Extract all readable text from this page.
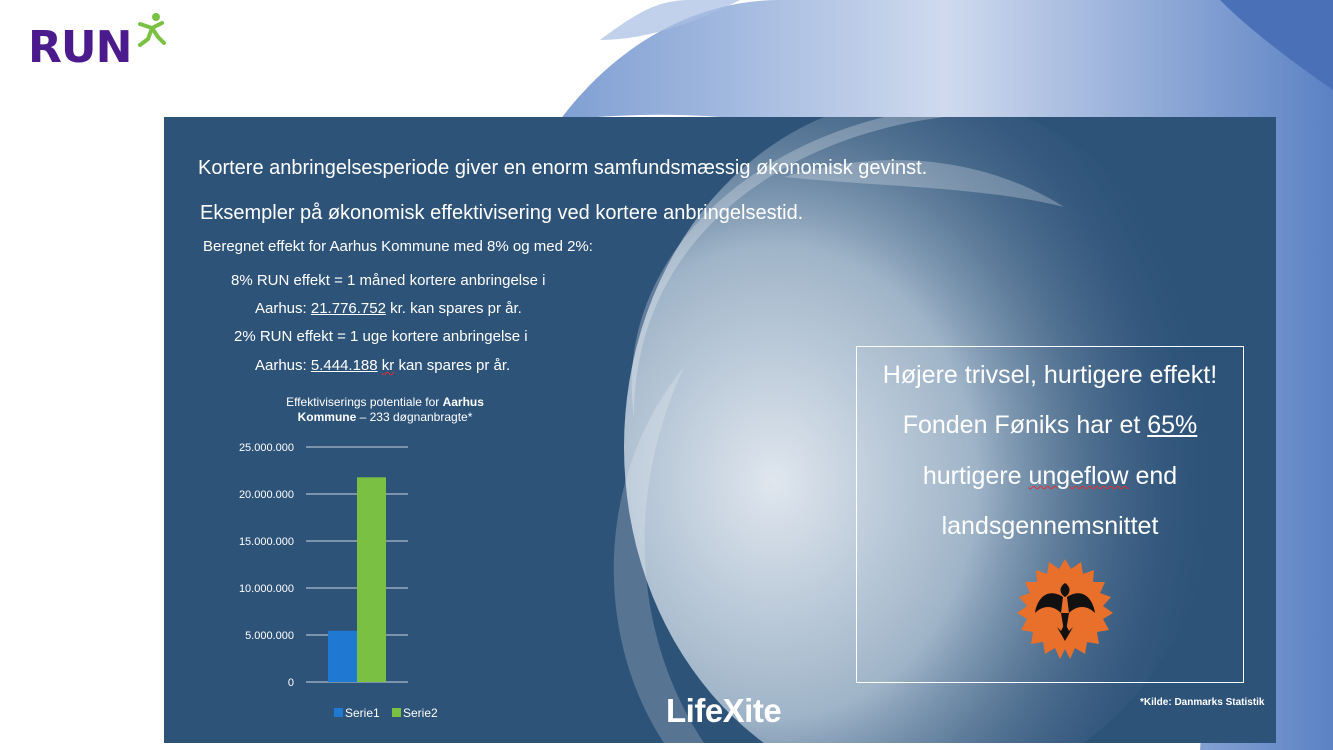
RUN
Kortere anbringelsesperiode giver en enorm samfundsmæssig økonomisk gevinst.
Eksempler på økonomisk effektivisering ved kortere anbringelsestid.
Beregnet effekt for Aarhus Kommune med 8% og med 2%:
8% RUN effekt = 1 måned kortere anbringelse i
Aarhus: 21.776.752 kr. kan spares pr år.
2% RUN effekt = 1 uge kortere anbringelse i
Aarhus: 5.444.188 kr kan spares pr år.
Effektiviserings potentiale for Aarhus
Kommune – 233 døgnanbragte*
0
5.000.000
10.000.000
15.000.000
20.000.000
25.000.000
Serie1 Serie2
Højere trivsel, hurtigere effekt!
Fonden Føniks har et 65%
hurtigere ungeflow end
landsgennemsnittet
*Kilde: Danmarks Statistik
LifeXite
